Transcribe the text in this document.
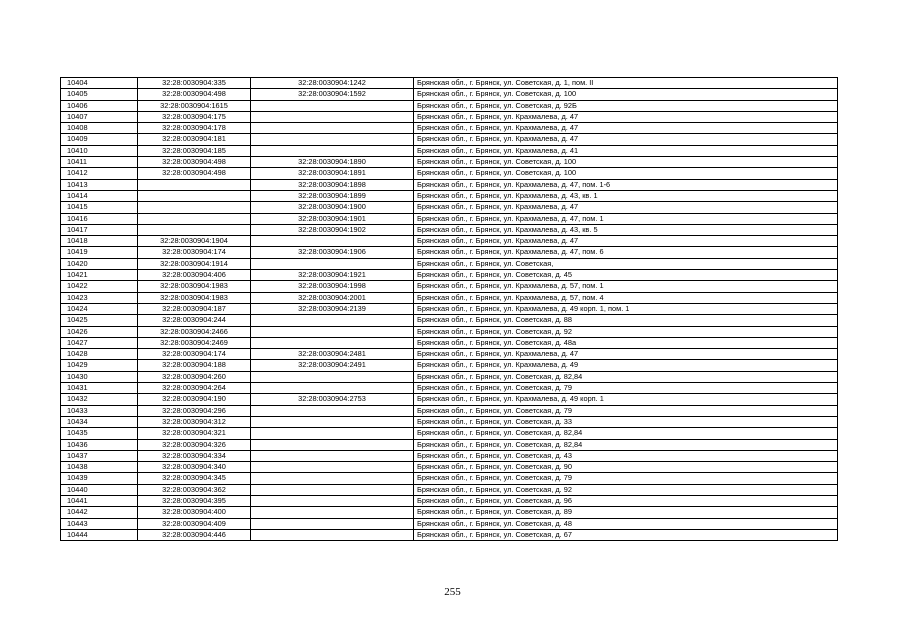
10404	32:28:0030904:335	32:28:0030904:1242	Брянская обл., г. Брянск, ул. Советская, д. 1, пом. II
10405	32:28:0030904:498	32:28:0030904:1592	Брянская обл., г. Брянск, ул. Советская, д. 100
10406	32:28:0030904:1615		Брянская обл., г. Брянск, ул. Советская, д. 92Б
10407	32:28:0030904:175		Брянская обл., г. Брянск, ул. Крахмалева, д. 47
10408	32:28:0030904:178		Брянская обл., г. Брянск, ул. Крахмалева, д. 47
10409	32:28:0030904:181		Брянская обл., г. Брянск, ул. Крахмалева, д. 47
10410	32:28:0030904:185		Брянская обл., г. Брянск, ул. Крахмалева, д. 41
10411	32:28:0030904:498	32:28:0030904:1890	Брянская обл., г. Брянск, ул. Советская, д. 100
10412	32:28:0030904:498	32:28:0030904:1891	Брянская обл., г. Брянск, ул. Советская, д. 100
10413		32:28:0030904:1898	Брянская обл., г. Брянск, ул. Крахмалева, д. 47, пом. 1-6
10414		32:28:0030904:1899	Брянская обл., г. Брянск, ул. Крахмалева, д. 43, кв. 1
10415		32:28:0030904:1900	Брянская обл., г. Брянск, ул. Крахмалева, д. 47
10416		32:28:0030904:1901	Брянская обл., г. Брянск, ул. Крахмалева, д. 47, пом. 1
10417		32:28:0030904:1902	Брянская обл., г. Брянск, ул. Крахмалева, д. 43, кв. 5
10418	32:28:0030904:1904		Брянская обл., г. Брянск, ул. Крахмалева, д. 47
10419	32:28:0030904:174	32:28:0030904:1906	Брянская обл., г. Брянск, ул. Крахмалева, д. 47, пом. 6
10420	32:28:0030904:1914		Брянская обл., г. Брянск, ул. Советская,
10421	32:28:0030904:406	32:28:0030904:1921	Брянская обл., г. Брянск, ул. Советская, д. 45
10422	32:28:0030904:1983	32:28:0030904:1998	Брянская обл., г. Брянск, ул. Крахмалева, д. 57, пом. 1
10423	32:28:0030904:1983	32:28:0030904:2001	Брянская обл., г. Брянск, ул. Крахмалева, д. 57, пом. 4
10424	32:28:0030904:187	32:28:0030904:2139	Брянская обл., г. Брянск, ул. Крахмалева, д. 49 корп. 1, пом. 1
10425	32:28:0030904:244		Брянская обл., г. Брянск, ул. Советская, д. 88
10426	32:28:0030904:2466		Брянская обл., г. Брянск, ул. Советская, д. 92
10427	32:28:0030904:2469		Брянская обл., г. Брянск, ул. Советская, д. 48а
10428	32:28:0030904:174	32:28:0030904:2481	Брянская обл., г. Брянск, ул. Крахмалева, д. 47
10429	32:28:0030904:188	32:28:0030904:2491	Брянская обл., г. Брянск, ул. Крахмалева, д. 49
10430	32:28:0030904:260		Брянская обл., г. Брянск, ул. Советская, д. 82,84
10431	32:28:0030904:264		Брянская обл., г. Брянск, ул. Советская, д. 79
10432	32:28:0030904:190	32:28:0030904:2753	Брянская обл., г. Брянск, ул. Крахмалева, д. 49 корп. 1
10433	32:28:0030904:296		Брянская обл., г. Брянск, ул. Советская, д. 79
10434	32:28:0030904:312		Брянская обл., г. Брянск, ул. Советская, д. 33
10435	32:28:0030904:321		Брянская обл., г. Брянск, ул. Советская, д. 82,84
10436	32:28:0030904:326		Брянская обл., г. Брянск, ул. Советская, д. 82,84
10437	32:28:0030904:334		Брянская обл., г. Брянск, ул. Советская, д. 43
10438	32:28:0030904:340		Брянская обл., г. Брянск, ул. Советская, д. 90
10439	32:28:0030904:345		Брянская обл., г. Брянск, ул. Советская, д. 79
10440	32:28:0030904:362		Брянская обл., г. Брянск, ул. Советская, д. 92
10441	32:28:0030904:395		Брянская обл., г. Брянск, ул. Советская, д. 96
10442	32:28:0030904:400		Брянская обл., г. Брянск, ул. Советская, д. 89
10443	32:28:0030904:409		Брянская обл., г. Брянск, ул. Советская, д. 48
10444	32:28:0030904:446		Брянская обл., г. Брянск, ул. Советская, д. 67
255
